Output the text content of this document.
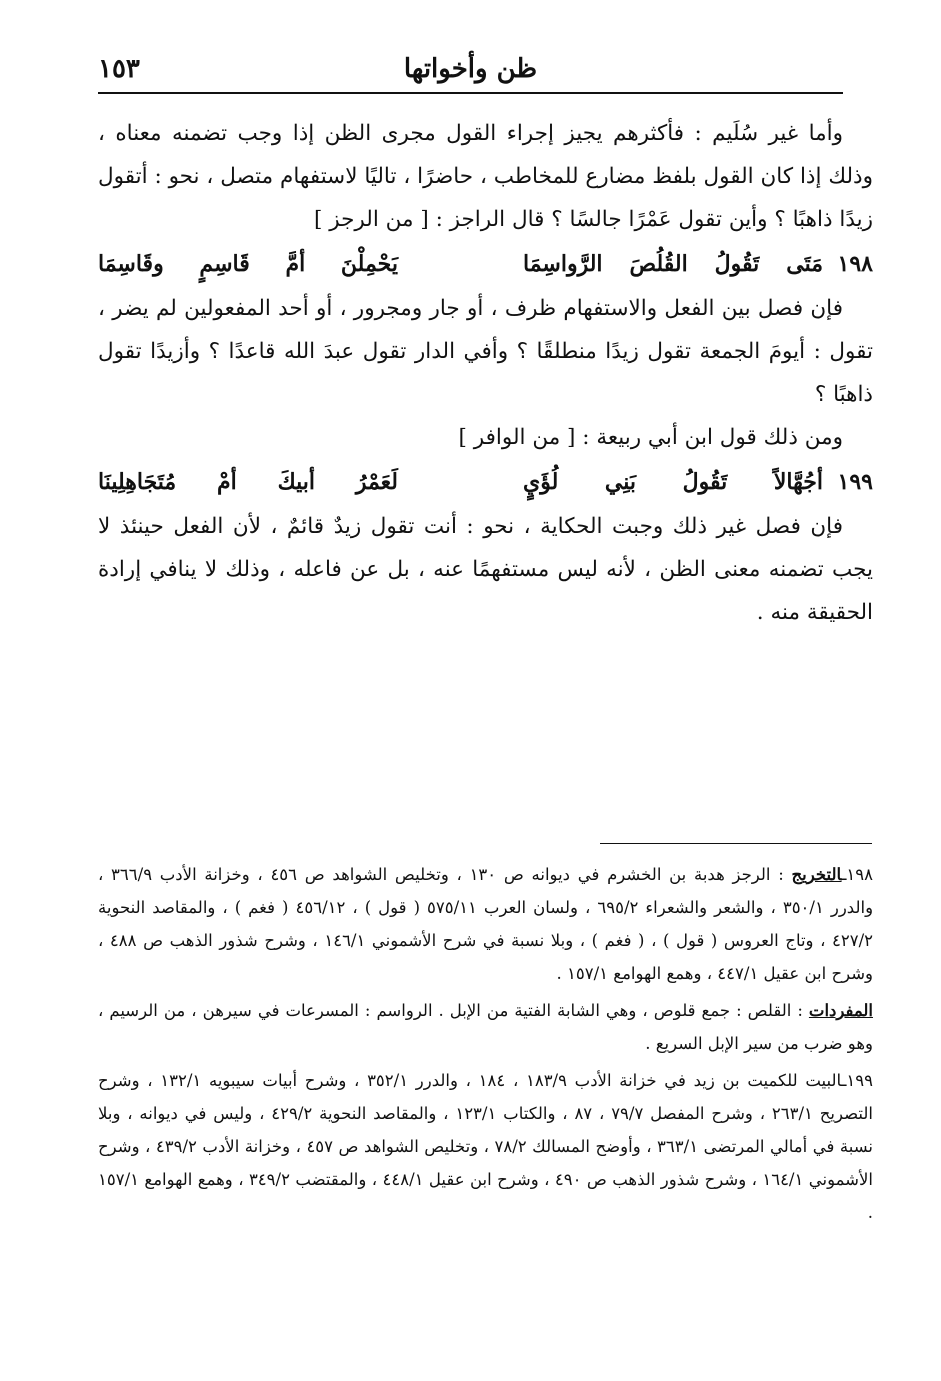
ظن وأخواتها
١٥٣

وأما غير سُلَيم : فأكثرهم يجيز إجراء القول مجرى الظن إذا وجب تضمنه معناه ، وذلك إذا كان القول بلفظ مضارع للمخاطب ، حاضرًا ، تاليًا لاستفهام متصل ، نحو : أتقول زيدًا ذاهبًا ؟ وأين تقول عَمْرًا جالسًا ؟ قال الراجز : [ من الرجز ]

١٩٨
مَتَى تَقُولُ القُلُصَ الرَّواسِمَا
يَحْمِلْنَ أمَّ قَاسِمٍ وقَاسِمَا

فإن فصل بين الفعل والاستفهام ظرف ، أو جار ومجرور ، أو أحد المفعولين لم يضر ، تقول : أيومَ الجمعة تقول زيدًا منطلقًا ؟ وأفي الدار تقول عبدَ الله قاعدًا ؟ وأزيدًا تقول ذاهبًا ؟

ومن ذلك قول ابن أبي ربيعة : [ من الوافر ]

١٩٩
أجُهَّالاً تَقُولُ بَنِي لُؤَيٍ
لَعَمْرُ أبيكَ أمْ مُتَجَاهِلِينَا

فإن فصل غير ذلك وجبت الحكاية ، نحو : أنت تقول زيدٌ قائمٌ ، لأن الفعل حينئذ لا يجب تضمنه معنى الظن ، لأنه ليس مستفهمًا عنه ، بل عن فاعله ، وذلك لا ينافي إرادة الحقيقة منه .

١٩٨ـالتخريج : الرجز هدبة بن الخشرم في ديوانه ص ١٣٠ ، وتخليص الشواهد ص ٤٥٦ ، وخزانة الأدب ٣٦٦/٩ ، والدرر ٣٥٠/١ ، والشعر والشعراء ٦٩٥/٢ ، ولسان العرب ٥٧٥/١١ ( قول ) ، ٤٥٦/١٢ ( فغم ) ، والمقاصد النحوية ٤٢٧/٢ ، وتاج العروس ( قول ) ، ( فغم ) ، وبلا نسبة في شرح الأشموني ١٤٦/١ ، وشرح شذور الذهب ص ٤٨٨ ، وشرح ابن عقيل ٤٤٧/١ ، وهمع الهوامع ١٥٧/١ .

المفردات : القلص : جمع قلوص ، وهي الشابة الفتية من الإبل . الرواسم : المسرعات في سيرهن ، من الرسيم ، وهو ضرب من سير الإبل السريع .

١٩٩ـالبيت للكميت بن زيد في خزانة الأدب ١٨٣/٩ ، ١٨٤ ، والدرر ٣٥٢/١ ، وشرح أبيات سيبويه ١٣٢/١ ، وشرح التصريح ٢٦٣/١ ، وشرح المفصل ٧٩/٧ ، ٨٧ ، والكتاب ١٢٣/١ ، والمقاصد النحوية ٤٢٩/٢ ، وليس في ديوانه ، وبلا نسبة في أمالي المرتضى ٣٦٣/١ ، وأوضح المسالك ٧٨/٢ ، وتخليص الشواهد ص ٤٥٧ ، وخزانة الأدب ٤٣٩/٢ ، وشرح الأشموني ١٦٤/١ ، وشرح شذور الذهب ص ٤٩٠ ، وشرح ابن عقيل ٤٤٨/١ ، والمقتضب ٣٤٩/٢ ، وهمع الهوامع ١٥٧/١ .
